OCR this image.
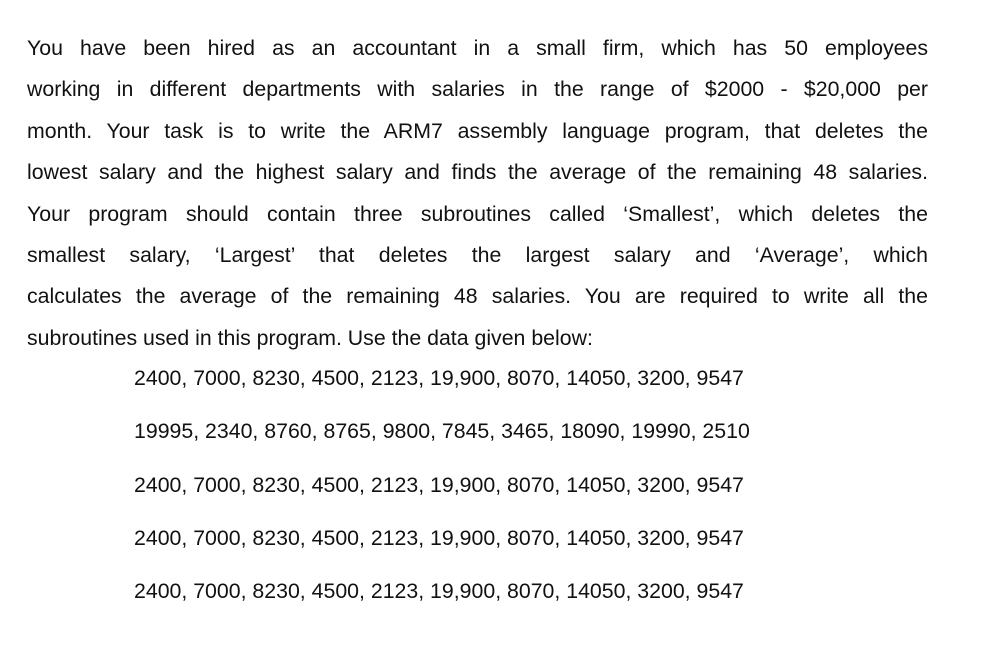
You have been hired as an accountant in a small firm, which has 50 employees
working in different departments with salaries in the range of $2000 - $20,000 per
month. Your task is to write the ARM7 assembly language program, that deletes the
lowest salary and the highest salary and finds the average of the remaining 48 salaries.
Your program should contain three subroutines called ‘Smallest’, which deletes the
smallest salary, ‘Largest’ that deletes the largest salary and ‘Average’, which
calculates the average of the remaining 48 salaries. You are required to write all the
subroutines used in this program. Use the data given below:

2400, 7000, 8230, 4500, 2123, 19,900, 8070, 14050, 3200, 9547

19995, 2340, 8760, 8765, 9800, 7845, 3465, 18090, 19990, 2510

2400, 7000, 8230, 4500, 2123, 19,900, 8070, 14050, 3200, 9547

2400, 7000, 8230, 4500, 2123, 19,900, 8070, 14050, 3200, 9547

2400, 7000, 8230, 4500, 2123, 19,900, 8070, 14050, 3200, 9547
